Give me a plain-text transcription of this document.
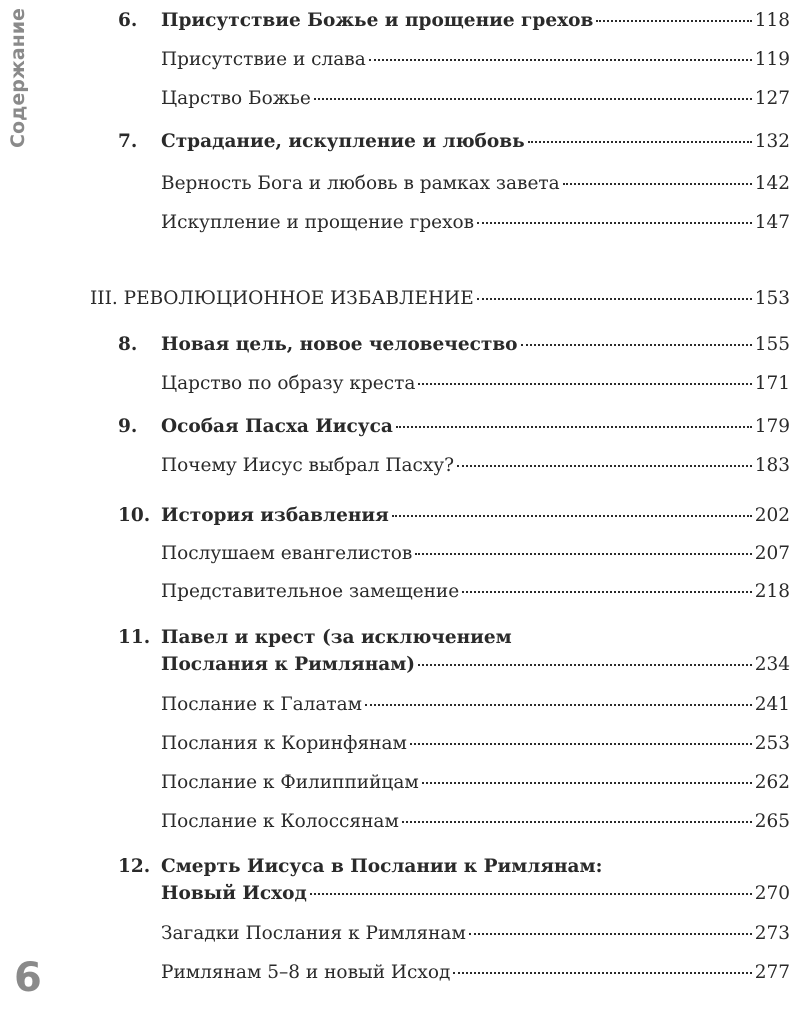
Содержание	6. Присутствие Божье и прощение грехов	118
Присутствие и слава	119
Царство Божье	127
7. Страдание, искупление и любовь	132
Верность Бога и любовь в рамках завета	142
Искупление и прощение грехов	147
III. РЕВОЛЮЦИОННОЕ ИЗБАВЛЕНИЕ	153
8. Новая цель, новое человечество	155
Царство по образу креста	171
9. Особая Пасха Иисуса	179
Почему Иисус выбрал Пасху?	183
10. История избавления	202
Послушаем евангелистов	207
Представительное замещение	218
11. Павел и крест (за исключением
Послания к Римлянам)	234
Послание к Галатам	241
Послания к Коринфянам	253
Послание к Филиппийцам	262
Послание к Колоссянам	265
12. Смерть Иисуса в Послании к Римлянам:
Новый Исход	270
Загадки Послания к Римлянам	273
Римлянам 5–8 и новый Исход	277
6
